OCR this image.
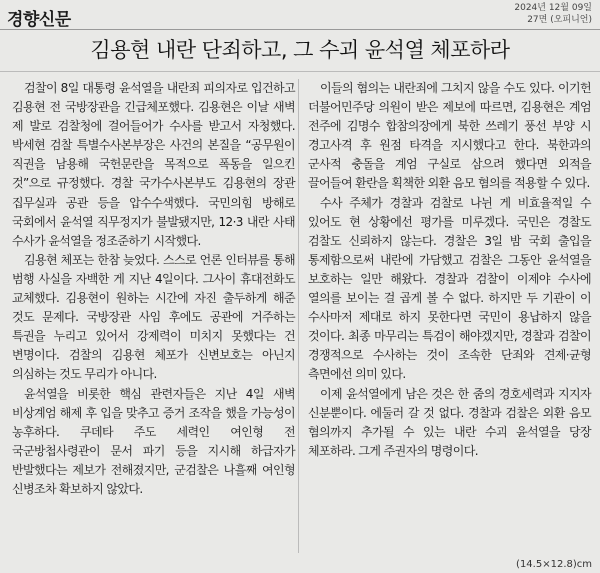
경향신문
2024년 12월 09일
27면 (오피니언)
김용현 내란 단죄하고, 그 수괴 윤석열 체포하라

검찰이 8일 대통령 윤석열을 내란죄 피의자로 입건하고 김용현 전 국방장관을 긴급체포했다. 김용현은 이날 새벽 제 발로 검찰청에 걸어들어가 수사를 받고서 자청했다. 박세현 검찰 특별수사본부장은 사건의 본질을 “공무원이 직권을 남용해 국헌문란을 목적으로 폭동을 일으킨 것”으로 규정했다. 경찰 국가수사본부도 김용현의 장관 집무실과 공관 등을 압수수색했다. 국민의힘 방해로 국회에서 윤석열 직무정지가 불발됐지만, 12·3 내란 사태 수사가 윤석열을 정조준하기 시작했다.

김용현 체포는 한참 늦었다. 스스로 언론 인터뷰를 통해 범행 사실을 자백한 게 지난 4일이다. 그사이 휴대전화도 교체했다. 김용현이 원하는 시간에 자진 출두하게 해준 것도 문제다. 국방장관 사임 후에도 공관에 거주하는 특권을 누리고 있어서 강제력이 미치지 못했다는 건 변명이다. 검찰의 김용현 체포가 신변보호는 아닌지 의심하는 것도 무리가 아니다.

윤석열을 비롯한 핵심 관련자들은 지난 4일 새벽 비상계엄 해제 후 입을 맞추고 증거 조작을 했을 가능성이 농후하다. 쿠데타 주도 세력인 여인형 전 국군방첩사령관이 문서 파기 등을 지시해 하급자가 반발했다는 제보가 전해졌지만, 군검찰은 나흘째 여인형 신병조차 확보하지 않았다.

이들의 혐의는 내란죄에 그치지 않을 수도 있다. 이기헌 더불어민주당 의원이 받은 제보에 따르면, 김용현은 계엄 전주에 김명수 합참의장에게 북한 쓰레기 풍선 부양 시 경고사격 후 원점 타격을 지시했다고 한다. 북한과의 군사적 충돌을 계엄 구실로 삼으려 했다면 외적을 끌어들여 환란을 획책한 외환 음모 혐의를 적용할 수 있다.

수사 주체가 경찰과 검찰로 나뉜 게 비효율적일 수 있어도 현 상황에선 평가를 미루겠다. 국민은 경찰도 검찰도 신뢰하지 않는다. 경찰은 3일 밤 국회 출입을 통제함으로써 내란에 가담했고 검찰은 그동안 윤석열을 보호하는 일만 해왔다. 경찰과 검찰이 이제야 수사에 열의를 보이는 걸 곱게 볼 수 없다. 하지만 두 기관이 이 수사마저 제대로 하지 못한다면 국민이 용납하지 않을 것이다. 최종 마무리는 특검이 해야겠지만, 경찰과 검찰이 경쟁적으로 수사하는 것이 조속한 단죄와 견제·균형 측면에선 의미 있다.

이제 윤석열에게 남은 것은 한 줌의 경호세력과 지지자 신분뿐이다. 에둘러 갈 것 없다. 경찰과 검찰은 외환 음모 혐의까지 추가될 수 있는 내란 수괴 윤석열을 당장 체포하라. 그게 주권자의 명령이다.

(14.5×12.8)cm
